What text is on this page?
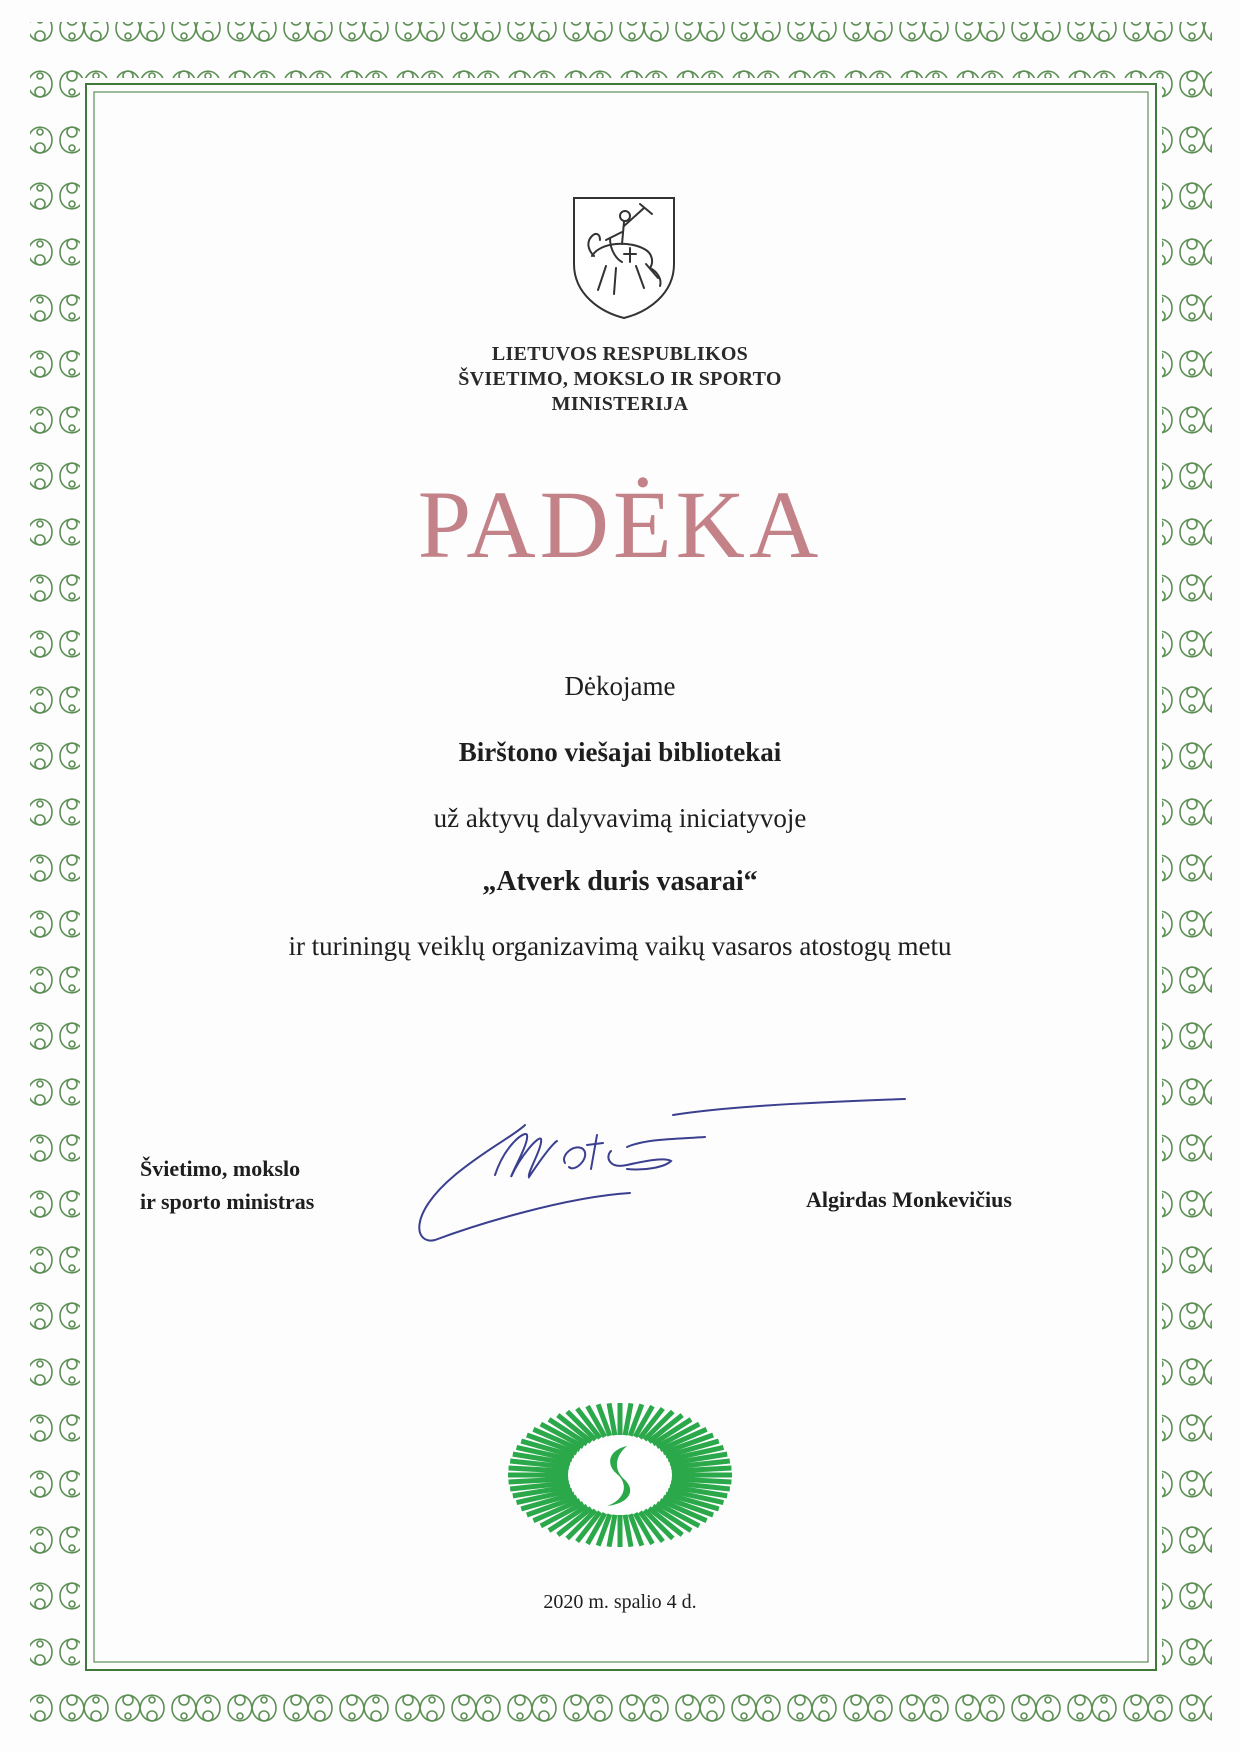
LIETUVOS RESPUBLIKOS
ŠVIETIMO, MOKSLO IR SPORTO
MINISTERIJA
PADĖKA
Dėkojame
Birštono viešajai bibliotekai
už aktyvų dalyvavimą iniciatyvoje
„Atverk duris vasarai“
ir turiningų veiklų organizavimą vaikų vasaros atostogų metu
Švietimo, mokslo
ir sporto ministras	Algirdas Monkevičius
2020 m. spalio 4 d.
